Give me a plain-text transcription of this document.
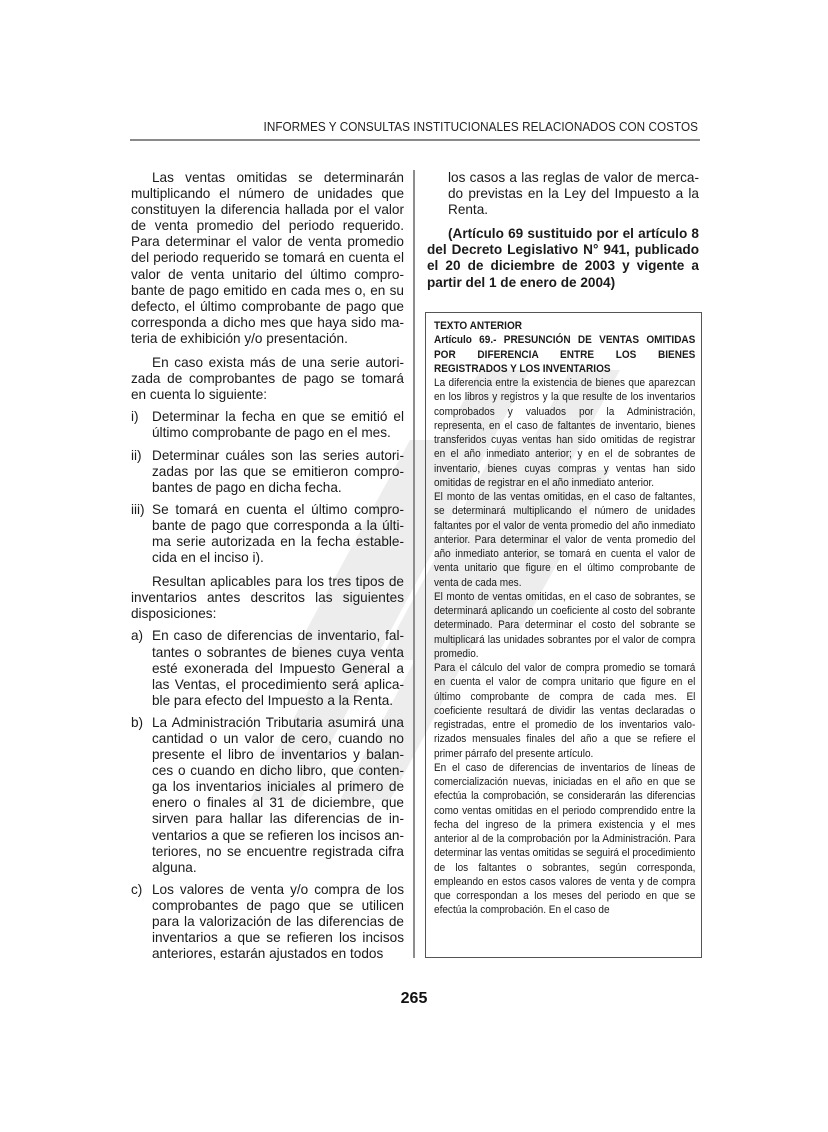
INFORMES Y CONSULTAS INSTITUCIONALES RELACIONADOS CON COSTOS

Las ventas omitidas se determinarán multiplicando el número de unidades que constituyen la diferencia hallada por el valor de venta promedio del periodo requerido. Para determinar el valor de venta promedio del periodo requerido se tomará en cuenta el valor de venta unitario del último comprobante de pago emitido en cada mes o, en su defecto, el último comprobante de pago que corresponda a dicho mes que haya sido materia de exhibición y/o presentación.

En caso exista más de una serie autorizada de comprobantes de pago se tomará en cuenta lo siguiente:

i) Determinar la fecha en que se emitió el último comprobante de pago en el mes.

ii) Determinar cuáles son las series autorizadas por las que se emitieron comprobantes de pago en dicha fecha.

iii) Se tomará en cuenta el último comprobante de pago que corresponda a la última serie autorizada en la fecha establecida en el inciso i).

Resultan aplicables para los tres tipos de inventarios antes descritos las siguientes disposiciones:

a) En caso de diferencias de inventario, faltantes o sobrantes de bienes cuya venta esté exonerada del Impuesto General a las Ventas, el procedimiento será aplicable para efecto del Impuesto a la Renta.

b) La Administración Tributaria asumirá una cantidad o un valor de cero, cuando no presente el libro de inventarios y balances o cuando en dicho libro, que contenga los inventarios iniciales al primero de enero o finales al 31 de diciembre, que sirven para hallar las diferencias de inventarios a que se refieren los incisos anteriores, no se encuentre registrada cifra alguna.

c) Los valores de venta y/o compra de los comprobantes de pago que se utilicen para la valorización de las diferencias de inventarios a que se refieren los incisos anteriores, estarán ajustados en todos

los casos a las reglas de valor de mercado previstas en la Ley del Impuesto a la Renta.

(Artículo 69 sustituido por el artículo 8 del Decreto Legislativo N° 941, publicado el 20 de diciembre de 2003 y vigente a partir del 1 de enero de 2004)

TEXTO ANTERIOR

Artículo 69.- PRESUNCIÓN DE VENTAS OMITIDAS POR DIFERENCIA ENTRE LOS BIENES REGISTRADOS Y LOS INVENTARIOS

La diferencia entre la existencia de bienes que aparezcan en los libros y registros y la que resulte de los inventarios comprobados y valuados por la Administración, representa, en el caso de faltantes de inventario, bienes transferidos cuyas ventas han sido omitidas de registrar en el año inmediato anterior; y en el de sobrantes de inventario, bienes cuyas compras y ventas han sido omitidas de registrar en el año inmediato anterior.

El monto de las ventas omitidas, en el caso de faltantes, se determinará multiplicando el número de unidades faltantes por el valor de venta promedio del año inmediato anterior. Para determinar el valor de venta promedio del año inmediato anterior, se tomará en cuenta el valor de venta unitario que figure en el último comprobante de venta de cada mes.

El monto de ventas omitidas, en el caso de sobrantes, se determinará aplicando un coeficiente al costo del sobrante determinado. Para determinar el costo del sobrante se multiplicará las unidades sobrantes por el valor de compra promedio.

Para el cálculo del valor de compra promedio se tomará en cuenta el valor de compra unitario que figure en el último comprobante de compra de cada mes. El coeficiente resultará de dividir las ventas declaradas o registradas, entre el promedio de los inventarios valorizados mensuales finales del año a que se refiere el primer párrafo del presente artículo.

En el caso de diferencias de inventarios de líneas de comercialización nuevas, iniciadas en el año en que se efectúa la comprobación, se considerarán las diferencias como ventas omitidas en el periodo comprendido entre la fecha del ingreso de la primera existencia y el mes anterior al de la comprobación por la Administración. Para determinar las ventas omitidas se seguirá el procedimiento de los faltantes o sobrantes, según corresponda, empleando en estos casos valores de venta y de compra que correspondan a los meses del periodo en que se efectúa la comprobación. En el caso de

265
